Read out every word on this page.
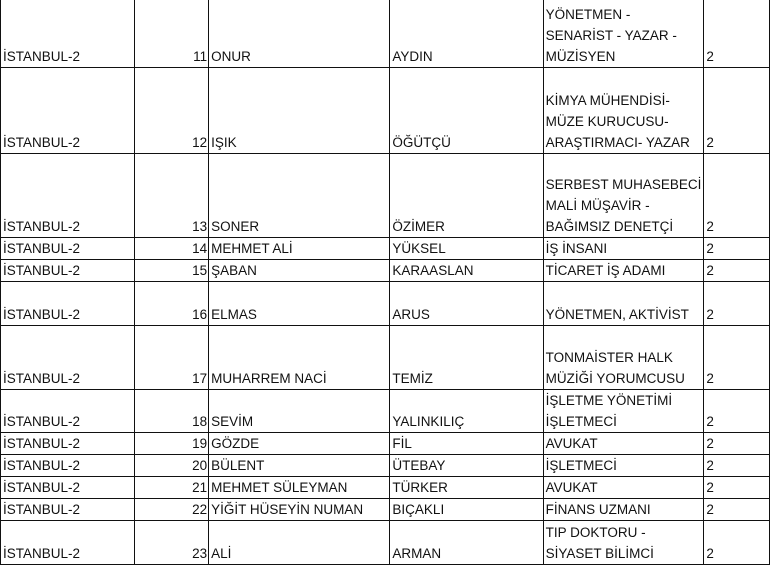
İSTANBUL-2	11	ONUR	AYDIN	YÖNETMEN -
SENARİST - YAZAR -
MÜZİSYEN	2
İSTANBUL-2	12	IŞIK	ÖĞÜTÇÜ	KİMYA MÜHENDİSİ-
MÜZE KURUCUSU-
ARAŞTIRMACI- YAZAR	2
İSTANBUL-2	13	SONER	ÖZİMER	SERBEST MUHASEBECİ
MALİ MÜŞAVİR -
BAĞIMSIZ DENETÇİ	2
İSTANBUL-2	14	MEHMET ALİ	YÜKSEL	İŞ İNSANI	2
İSTANBUL-2	15	ŞABAN	KARAASLAN	TİCARET İŞ ADAMI	2
İSTANBUL-2	16	ELMAS	ARUS	YÖNETMEN, AKTİVİST	2
İSTANBUL-2	17	MUHARREM NACİ	TEMİZ	TONMAİSTER HALK
MÜZİĞİ YORUMCUSU	2
İSTANBUL-2	18	SEVİM	YALINKILIÇ	İŞLETME YÖNETİMİ
İŞLETMECİ	2
İSTANBUL-2	19	GÖZDE	FİL	AVUKAT	2
İSTANBUL-2	20	BÜLENT	ÜTEBAY	İŞLETMECİ	2
İSTANBUL-2	21	MEHMET SÜLEYMAN	TÜRKER	AVUKAT	2
İSTANBUL-2	22	YİĞİT HÜSEYİN NUMAN	BIÇAKLI	FİNANS UZMANI	2
İSTANBUL-2	23	ALİ	ARMAN	TIP DOKTORU -
SİYASET BİLİMCİ	2
